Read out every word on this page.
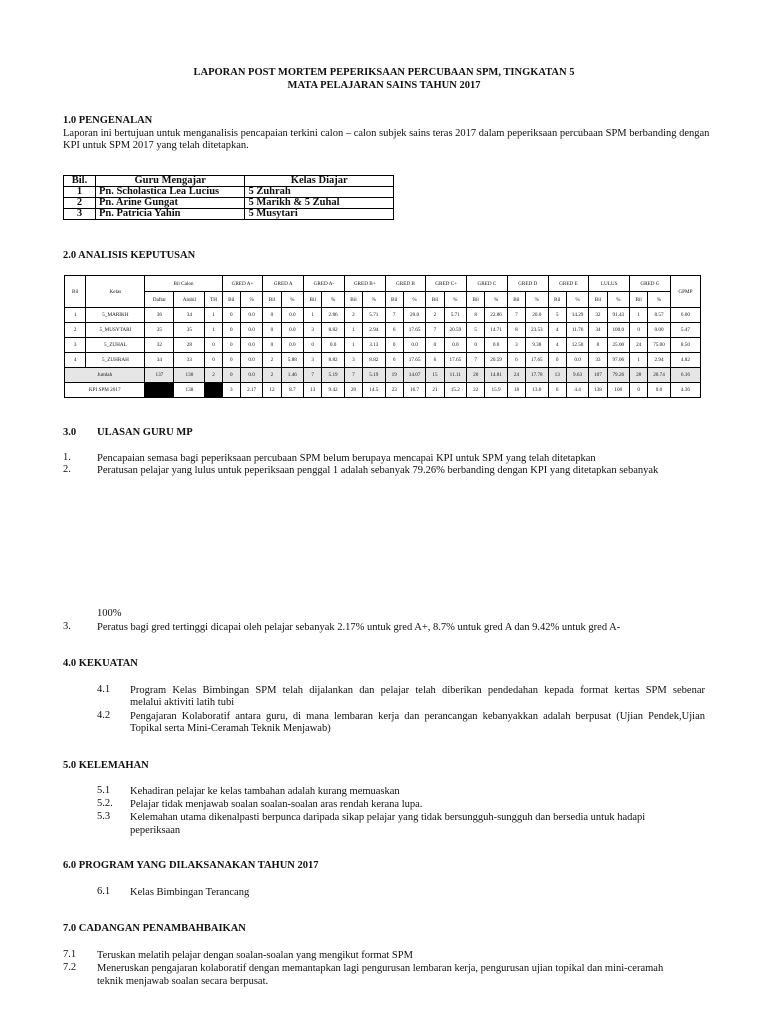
LAPORAN POST MORTEM PEPERIKSAAN PERCUBAAN SPM, TINGKATAN 5
MATA PELAJARAN SAINS TAHUN 2017
1.0 PENGENALAN
Laporan ini bertujuan untuk menganalisis pencapaian terkini calon – calon subjek sains teras 2017 dalam peperiksaan percubaan SPM berbanding dengan
KPI untuk SPM 2017 yang telah ditetapkan.
Bil.	Guru Mengajar	Kelas Diajar
1	Pn. Scholastica Lea Lucius	5 Zuhrah
2	Pn. Arine Gungat	5 Marikh & 5 Zuhal
3	Pn. Patricia Yahin	5 Musytari
2.0 ANALISIS KEPUTUSAN
Bil	Kelas	Bil Calon			GRED A+		GRED A		GRED A-		GRED B+		GRED B		GRED C+		GRED C		GRED D		GRED E		LULUS		GRED G		GPMP
		Daftar	Ambil	TH	Bil	%	Bil	%	Bil	%	Bil	%	Bil	%	Bil	%	Bil	%	Bil	%	Bil	%	Bil	%	Bil	%	
1	5_MARIKH	36	34	1	0	0.0	0	0.0	1	2.86	2	5.71	7	20.0	2	5.71	8	22.86	7	20.0	5	14.29	32	91.43	1	8.57	6.00
2	5_MUSYTARI	35	35	1	0	0.0	0	0.0	3	8.82	1	2.94	6	17.65	7	20.59	5	14.71	8	23.53	4	11.76	34	100.0	0	0.00	5.47
3	5_ZUHAL	32	28	0	0	0.0	0	0.0	0	0.0	1	3.13	0	0.0	0	0.0	0	0.0	3	9.38	4	12.50	8	25.00	24	75.00	8.50
4	5_ZUHRAH	34	33	0	0	0.0	2	5.88	3	8.82	3	8.82	6	17.65	6	17.65	7	20.59	6	17.65	0	0.0	33	97.06	1	2.94	4.82
Jumlah		137	130	2	0	0.0	2	1.46	7	5.19	7	5.19	19	14.07	15	11.11	20	14.81	24	17.78	13	9.63	107	79.26	28	20.74	6.16
KPI SPM 2017			138		3	2.17	12	8.7	13	9.42	20	14.5	23	16.7	21	15.2	22	15.9	18	13.0	6	4.4	138	100	0	0.0	4.36
3.0 ULASAN GURU MP
1. Pencapaian semasa bagi peperiksaan percubaan SPM belum berupaya mencapai KPI untuk SPM yang telah ditetapkan
2. Peratusan pelajar yang lulus untuk peperiksaan penggal 1 adalah sebanyak 79.26% berbanding dengan KPI yang ditetapkan sebanyak
100%
3. Peratus bagi gred tertinggi dicapai oleh pelajar sebanyak 2.17% untuk gred A+, 8.7% untuk gred A dan 9.42% untuk gred A-
4.0 KEKUATAN
4.1 Program Kelas Bimbingan SPM telah dijalankan dan pelajar telah diberikan pendedahan kepada format kertas SPM sebenar
melalui aktiviti latih tubi
4.2 Pengajaran Kolaboratif antara guru, di mana lembaran kerja dan perancangan kebanyakkan adalah berpusat (Ujian Pendek,Ujian
Topikal serta Mini-Ceramah Teknik Menjawab)
5.0 KELEMAHAN
5.1 Kehadiran pelajar ke kelas tambahan adalah kurang memuaskan
5.2. Pelajar tidak menjawab soalan soalan-soalan aras rendah kerana lupa.
5.3 Kelemahan utama dikenalpasti berpunca daripada sikap pelajar yang tidak bersungguh-sungguh dan bersedia untuk hadapi
peperiksaan
6.0 PROGRAM YANG DILAKSANAKAN TAHUN 2017
6.1 Kelas Bimbingan Terancang
7.0 CADANGAN PENAMBAHBAIKAN
7.1 Teruskan melatih pelajar dengan soalan-soalan yang mengikut format SPM
7.2 Meneruskan pengajaran kolaboratif dengan memantapkan lagi pengurusan lembaran kerja, pengurusan ujian topikal dan mini-ceramah
teknik menjawab soalan secara berpusat.
